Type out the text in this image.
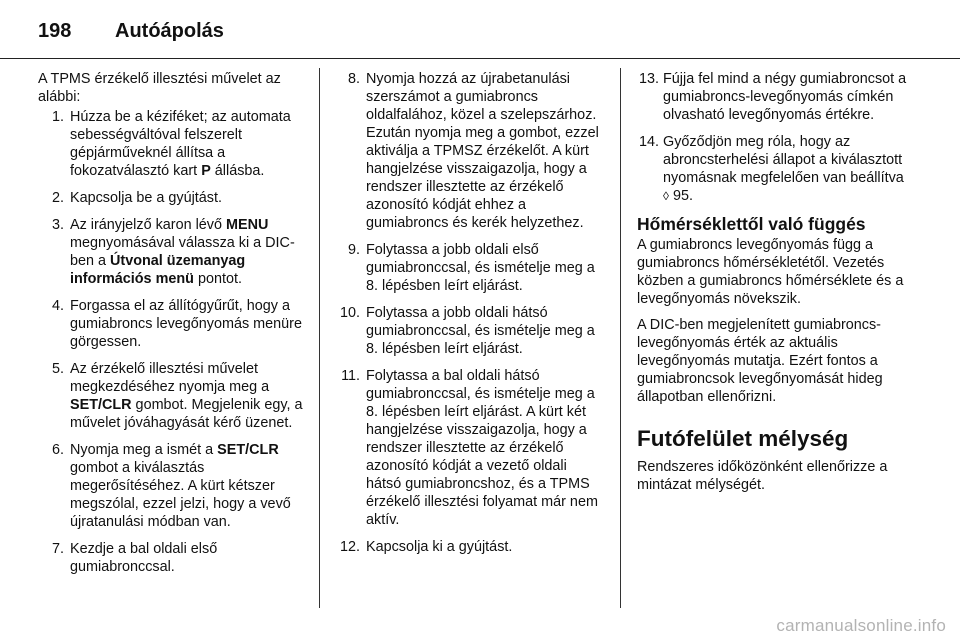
198 Autóápolás

A TPMS érzékelő illesztési művelet az alábbi:

1. Húzza be a kéziféket; az automata sebességváltóval felszerelt gépjárműveknél állítsa a fokozatválasztó kart P állásba.
2. Kapcsolja be a gyújtást.
3. Az irányjelző karon lévő MENU megnyomásával válassza ki a DIC-ben a Útvonal üzemanyag információs menü pontot.
4. Forgassa el az állítógyűrűt, hogy a gumiabroncs levegőnyomás menüre görgessen.
5. Az érzékelő illesztési művelet megkezdéséhez nyomja meg a SET/CLR gombot. Megjelenik egy, a művelet jóváhagyását kérő üzenet.
6. Nyomja meg a ismét a SET/CLR gombot a kiválasztás megerősítéséhez. A kürt kétszer megszólal, ezzel jelzi, hogy a vevő újratanulási módban van.
7. Kezdje a bal oldali első gumiabronccsal.
8. Nyomja hozzá az újrabetanulási szerszámot a gumiabroncs oldalfalához, közel a szelepszárhoz. Ezután nyomja meg a gombot, ezzel aktiválja a TPMSZ érzékelőt. A kürt hangjelzése visszaigazolja, hogy a rendszer illesztette az érzékelő azonosító kódját ehhez a gumiabroncs és kerék helyzethez.
9. Folytassa a jobb oldali első gumiabronccsal, és ismételje meg a 8. lépésben leírt eljárást.
10. Folytassa a jobb oldali hátsó gumiabronccsal, és ismételje meg a 8. lépésben leírt eljárást.
11. Folytassa a bal oldali hátsó gumiabronccsal, és ismételje meg a 8. lépésben leírt eljárást. A kürt két hangjelzése visszaigazolja, hogy a rendszer illesztette az érzékelő azonosító kódját a vezető oldali hátsó gumiabroncshoz, és a TPMS érzékelő illesztési folyamat már nem aktív.
12. Kapcsolja ki a gyújtást.
13. Fújja fel mind a négy gumiabroncsot a gumiabroncs-levegőnyomás címkén olvasható levegőnyomás értékre.
14. Győződjön meg róla, hogy az abroncsterhelési állapot a kiválasztott nyomásnak megfelelően van beállítva ◊ 95.
Hőmérséklettől való függés

A gumiabroncs levegőnyomás függ a gumiabroncs hőmérsékletétől. Vezetés közben a gumiabroncs hőmérséklete és a levegőnyomás növekszik.

A DIC-ben megjelenített gumiabroncs-levegőnyomás érték az aktuális levegőnyomás mutatja. Ezért fontos a gumiabroncsok levegőnyomását hideg állapotban ellenőrizni.

Futófelület mélység

Rendszeres időközönként ellenőrizze a mintázat mélységét.

carmanualsonline.info
